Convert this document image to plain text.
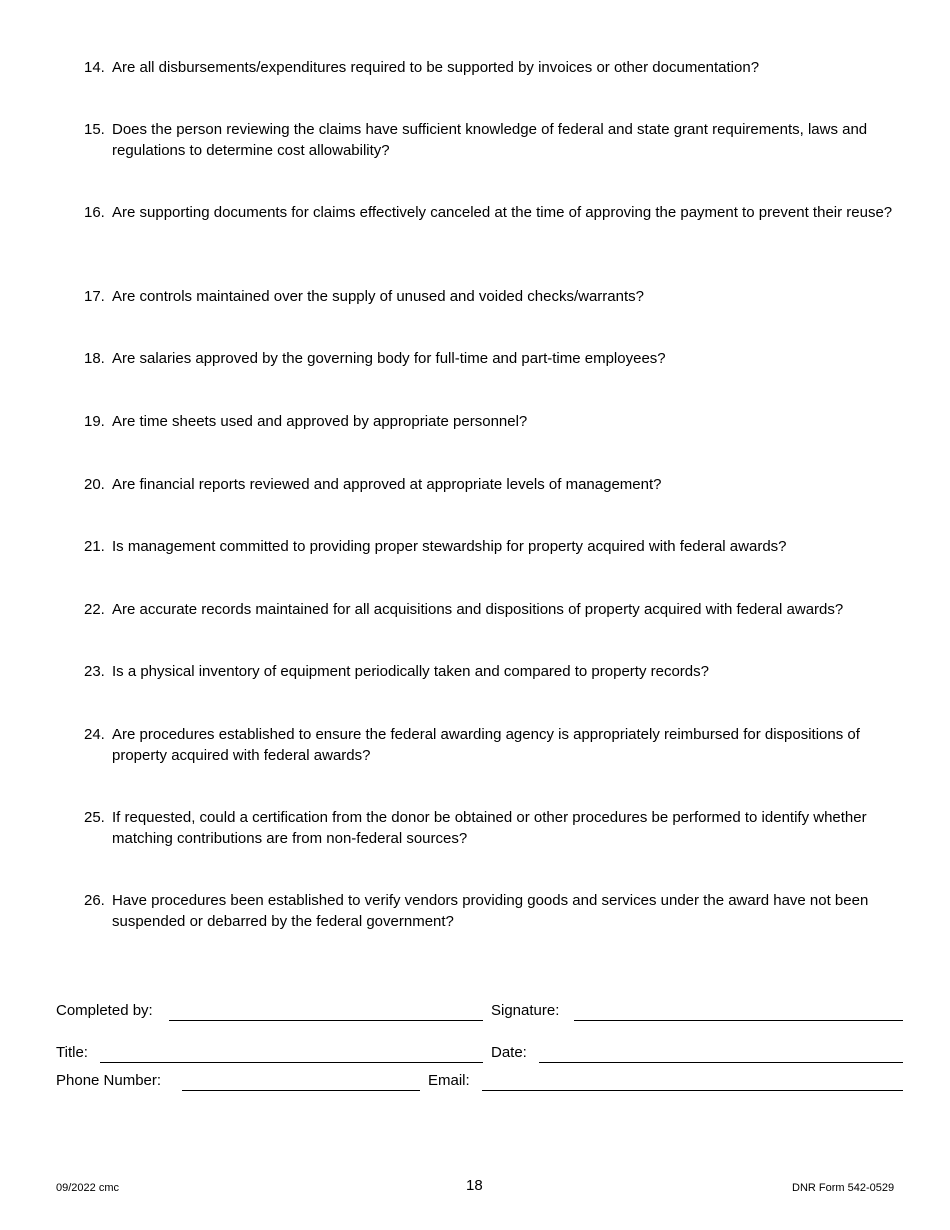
14. Are all disbursements/expenditures required to be supported by invoices or other documentation?
15. Does the person reviewing the claims have sufficient knowledge of federal and state grant requirements, laws and regulations to determine cost allowability?
16. Are supporting documents for claims effectively canceled at the time of approving the payment to prevent their reuse?
17. Are controls maintained over the supply of unused and voided checks/warrants?
18. Are salaries approved by the governing body for full-time and part-time employees?
19. Are time sheets used and approved by appropriate personnel?
20. Are financial reports reviewed and approved at appropriate levels of management?
21. Is management committed to providing proper stewardship for property acquired with federal awards?
22. Are accurate records maintained for all acquisitions and dispositions of property acquired with federal awards?
23. Is a physical inventory of equipment periodically taken and compared to property records?
24. Are procedures established to ensure the federal awarding agency is appropriately reimbursed for dispositions of property acquired with federal awards?
25. If requested, could a certification from the donor be obtained or other procedures be performed to identify whether matching contributions are from non-federal sources?
26. Have procedures been established to verify vendors providing goods and services under the award have not been suspended or debarred by the federal government?
Completed by:	Signature:
Title:	Date:
Phone Number:	Email:
09/2022 cmc	18	DNR Form 542-0529
